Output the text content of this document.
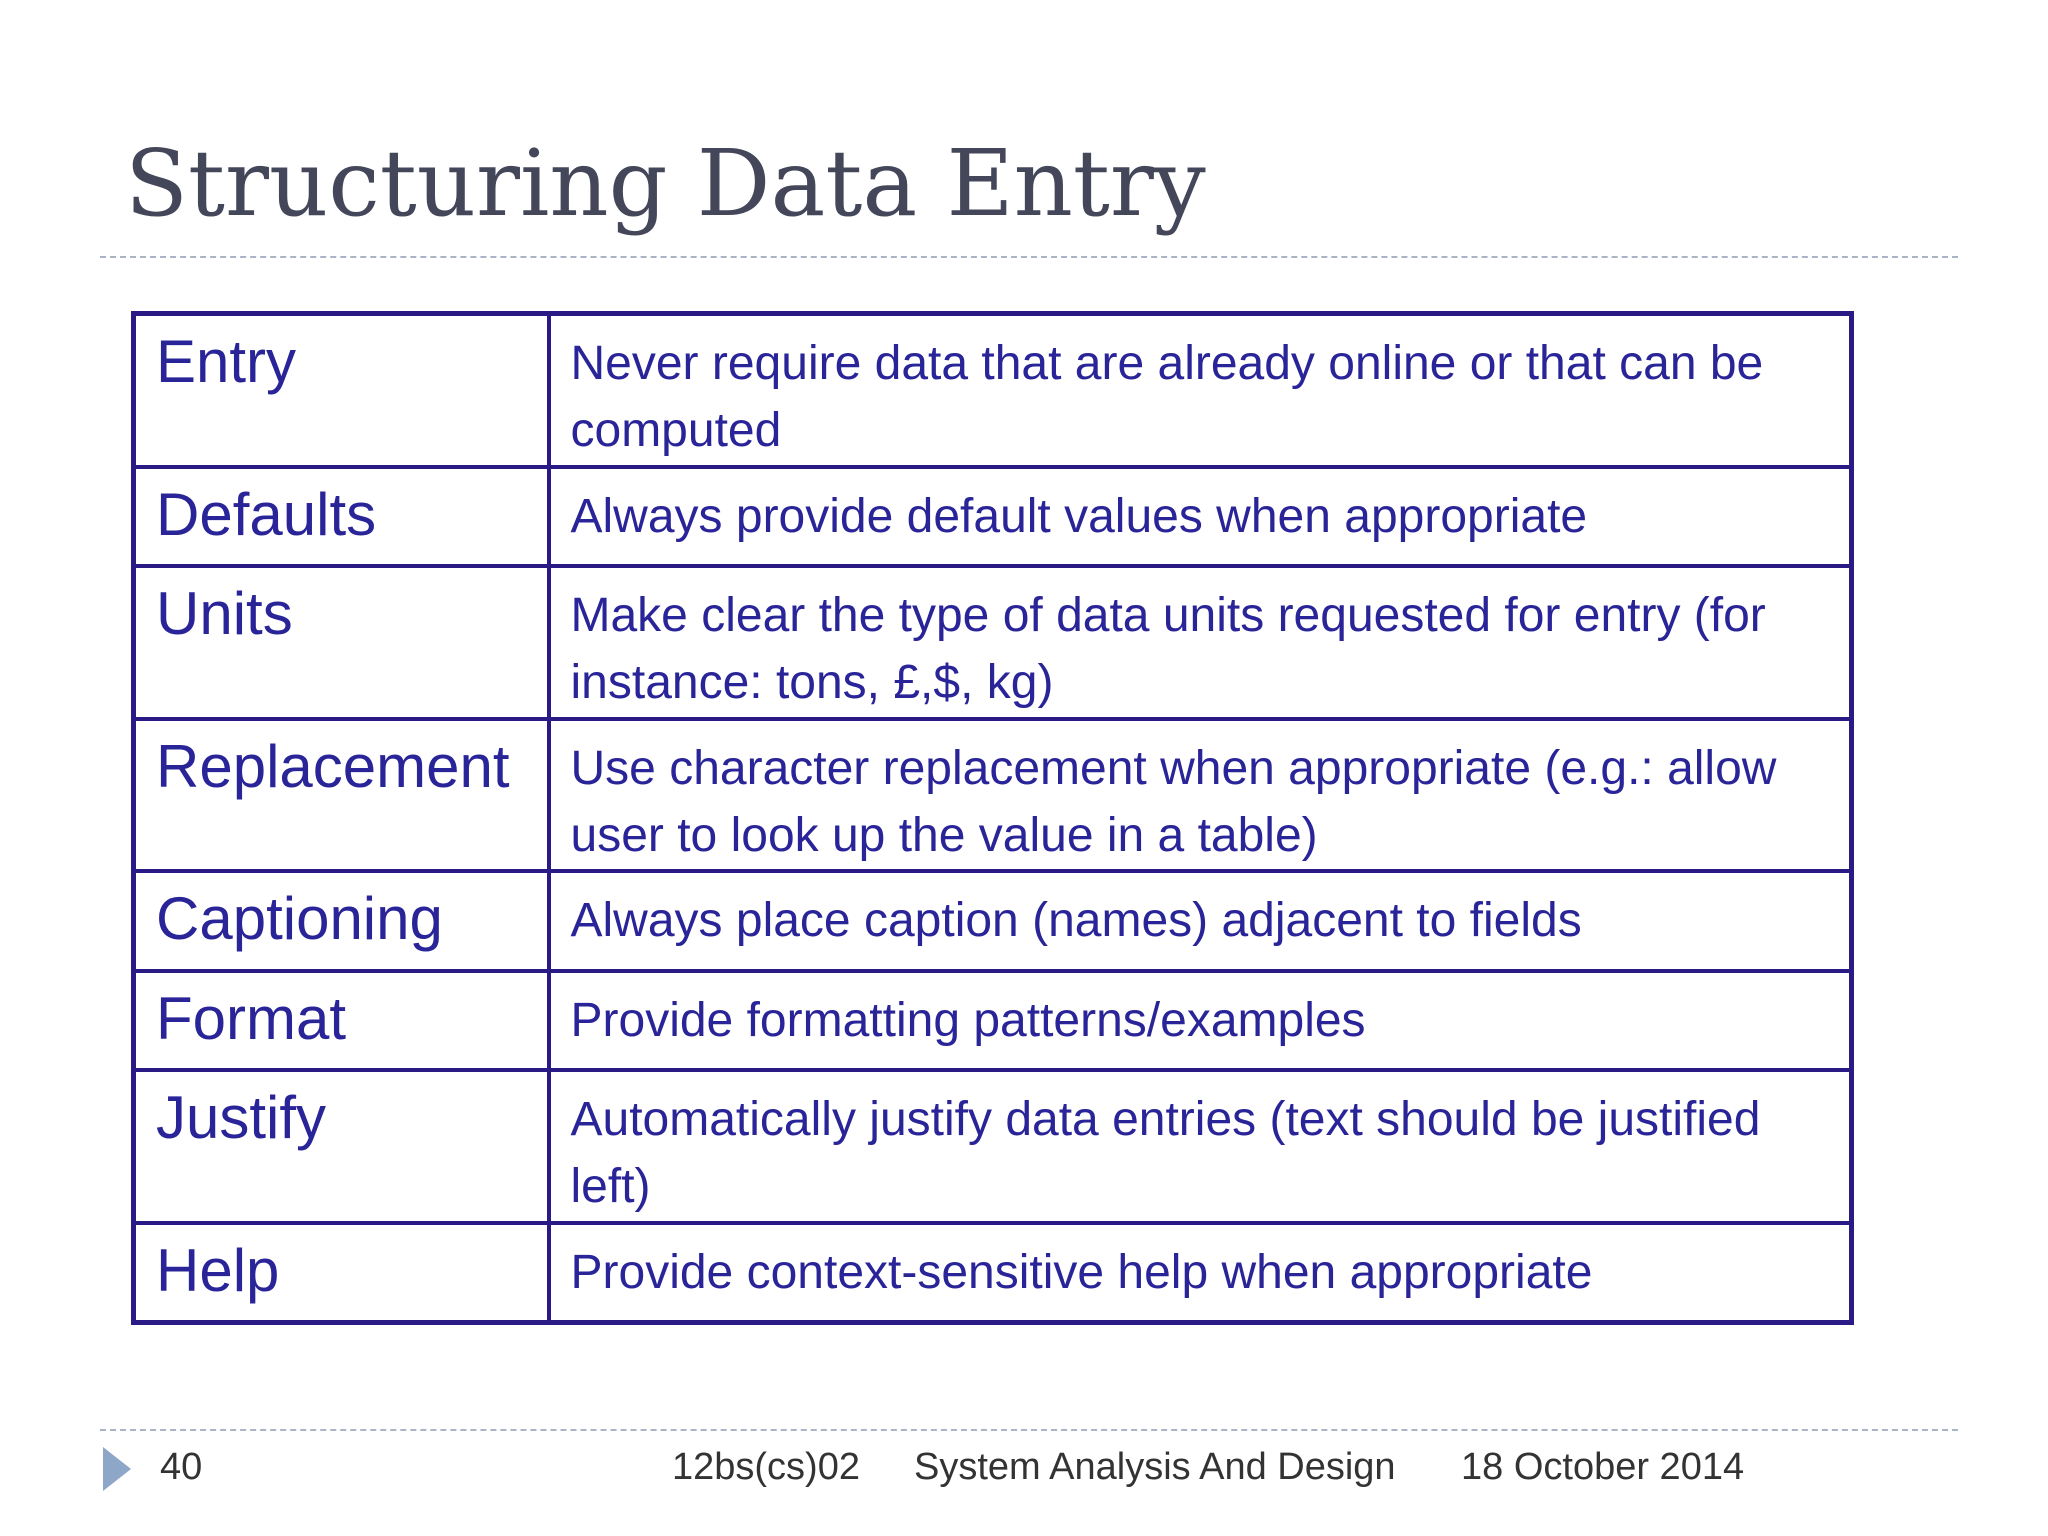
Structuring Data Entry
Entry	Never require data that are already online or that can be computed
Defaults	Always provide default values when appropriate
Units	Make clear the type of data units requested for entry (for instance: tons, £,$, kg)
Replacement	Use character replacement when appropriate (e.g.: allow user to look up the value in a table)
Captioning	Always place caption (names) adjacent to fields
Format	Provide formatting patterns/examples
Justify	Automatically justify data entries (text should be justified left)
Help	Provide context-sensitive help when appropriate
40	12bs(cs)02 System Analysis And Design 18 October 2014
